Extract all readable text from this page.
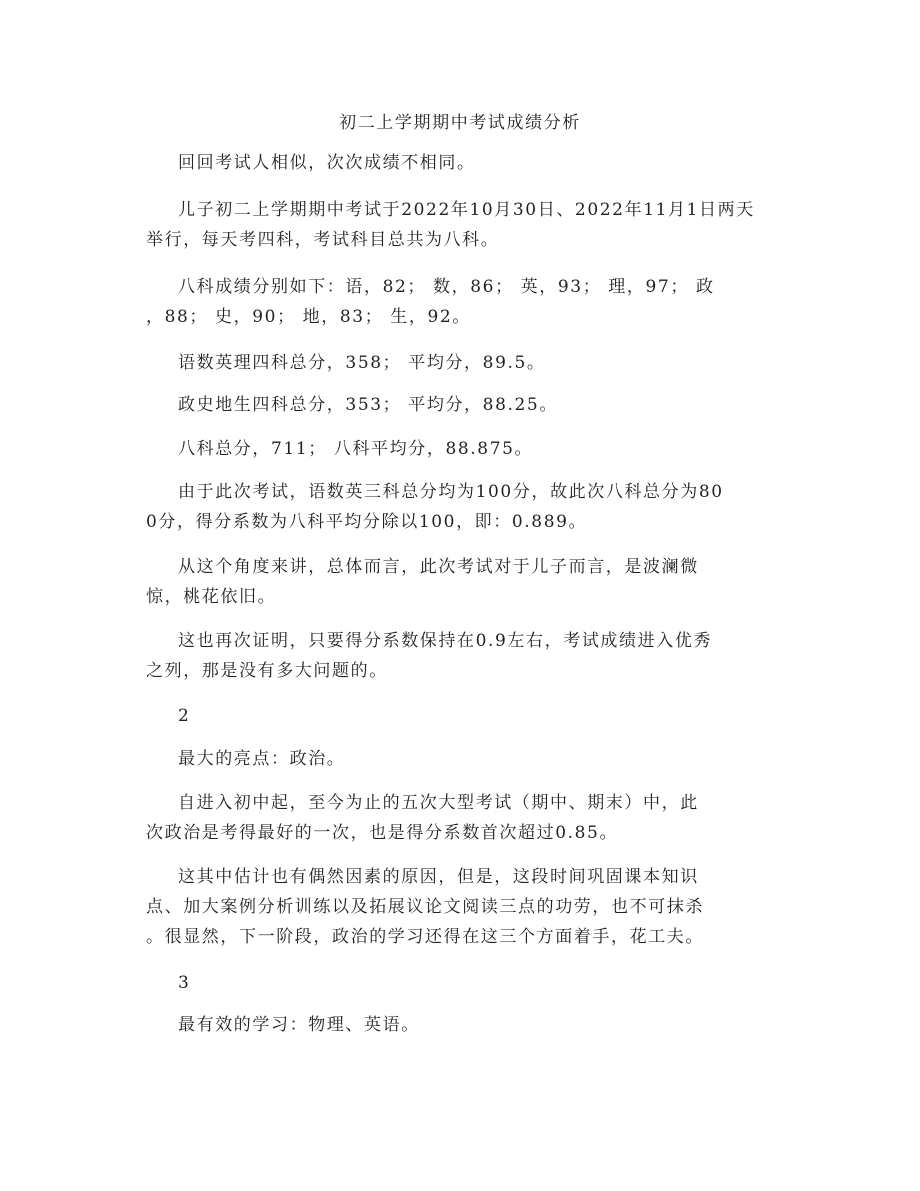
初二上学期期中考试成绩分析
回回考试人相似，次次成绩不相同。
儿子初二上学期期中考试于2022年10月30日、2022年11月1日两天
举行，每天考四科，考试科目总共为八科。
八科成绩分别如下：语，82； 数，86； 英，93； 理，97； 政
，88； 史，90； 地，83； 生，92。
语数英理四科总分，358； 平均分，89.5。
政史地生四科总分，353； 平均分，88.25。
八科总分，711； 八科平均分，88.875。
由于此次考试，语数英三科总分均为100分，故此次八科总分为80
0分，得分系数为八科平均分除以100，即：0.889。
从这个角度来讲，总体而言，此次考试对于儿子而言，是波澜微
惊，桃花依旧。
这也再次证明，只要得分系数保持在0.9左右，考试成绩进入优秀
之列，那是没有多大问题的。
2
最大的亮点：政治。
自进入初中起，至今为止的五次大型考试（期中、期末）中，此
次政治是考得最好的一次，也是得分系数首次超过0.85。
这其中估计也有偶然因素的原因，但是，这段时间巩固课本知识
点、加大案例分析训练以及拓展议论文阅读三点的功劳，也不可抹杀
。很显然，下一阶段，政治的学习还得在这三个方面着手，花工夫。
3
最有效的学习：物理、英语。
